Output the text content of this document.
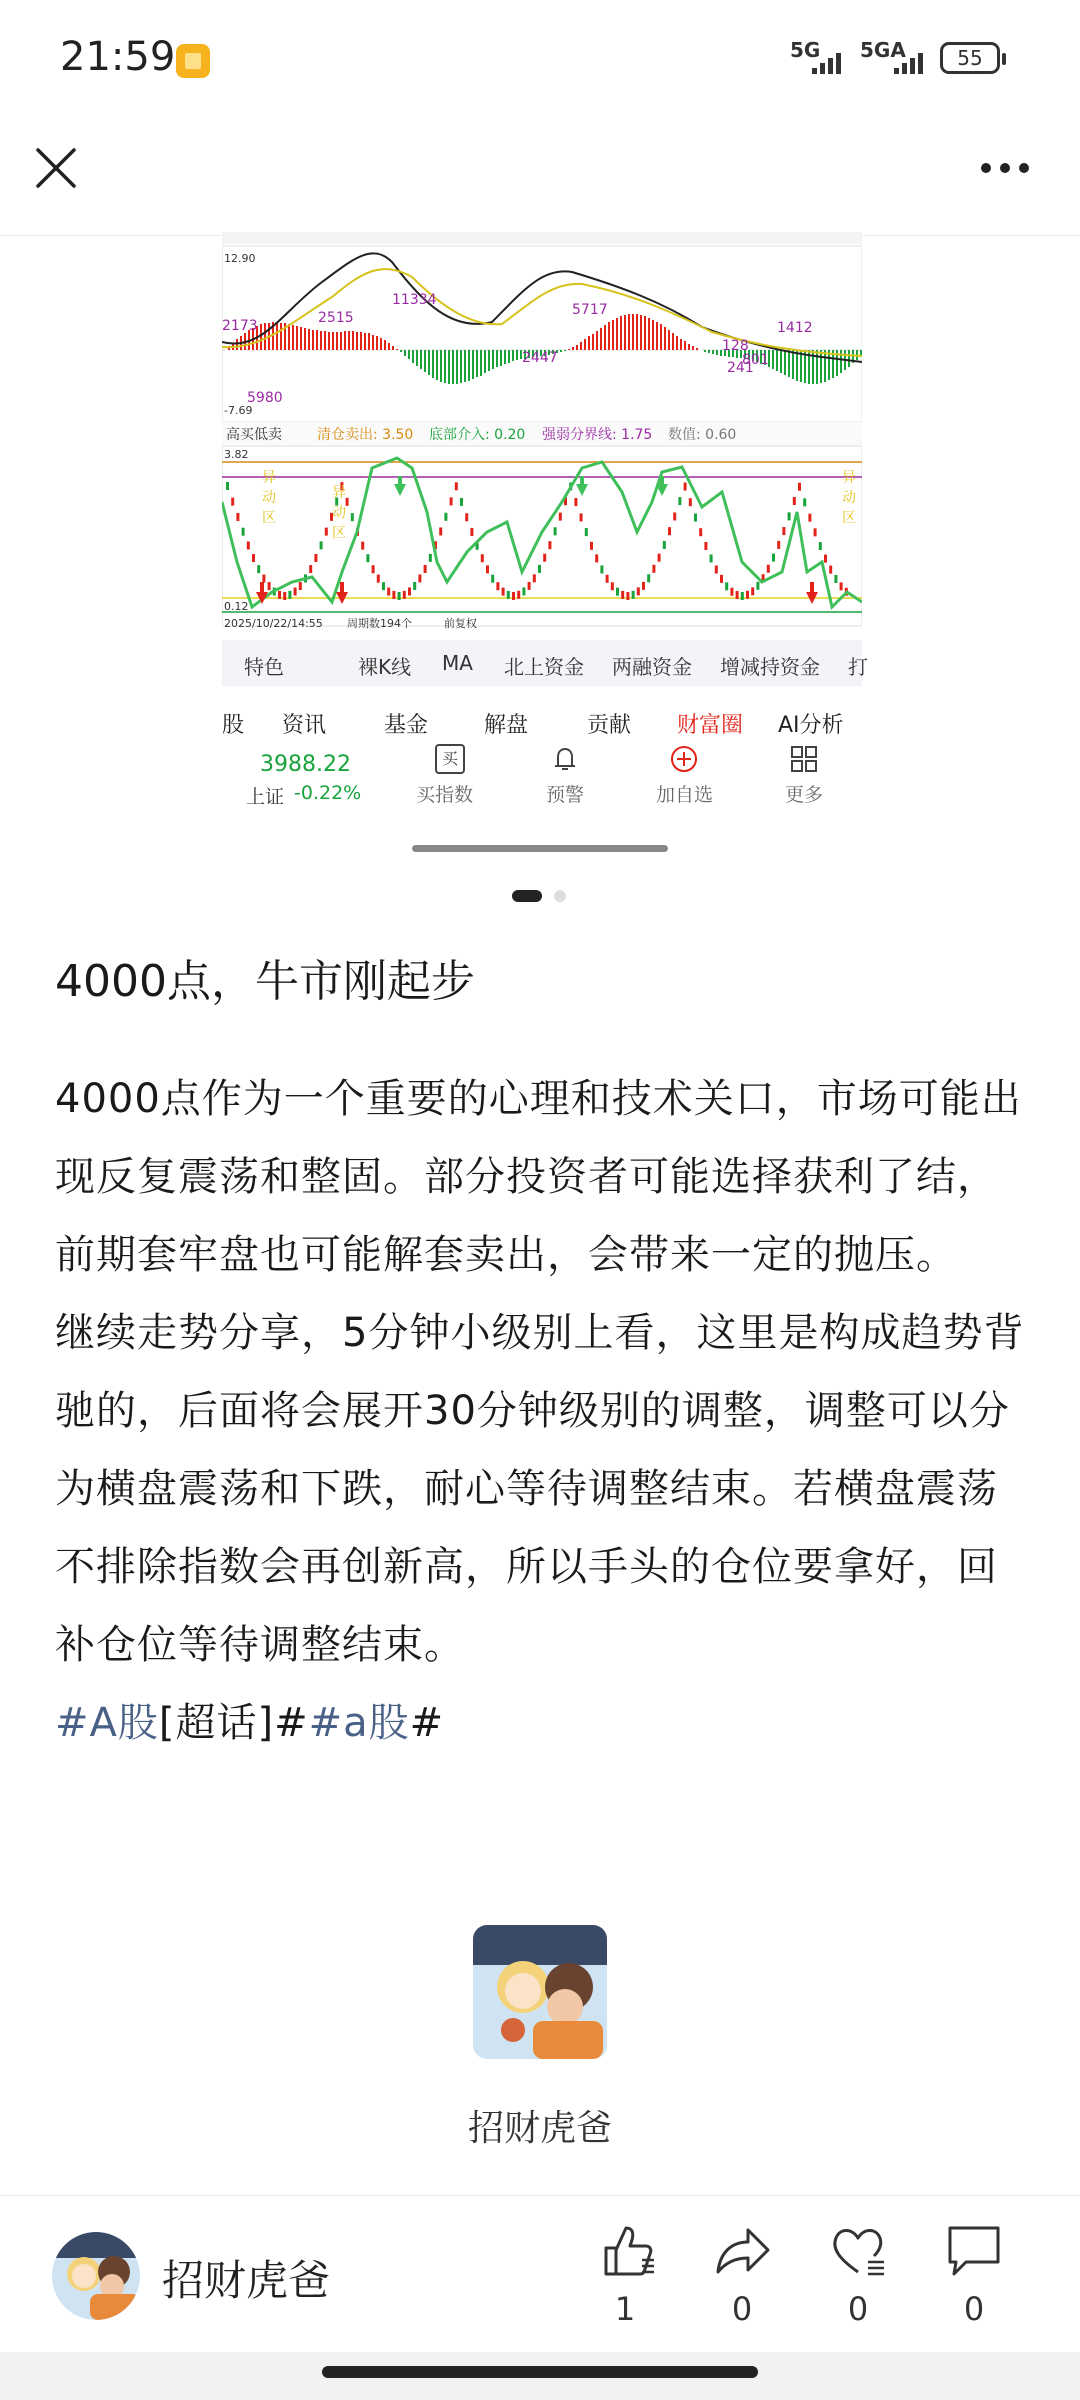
21:59	5G 5GA	55
12.90
-7.69
2173	2515
11334
5717
1412
5980
2447
128
241
801
高买低卖	清仓卖出: 3.50 底部介入: 0.20 强弱分界线: 1.75 数值: 0.60
3.82
0.12
2025/10/22/14:55 周期数194个	前复权
异
动
区
异
动
区
异
动
区
特色	裸K线 MA 北上资金 两融资金 增减持资金 打
股 资讯	基金	解盘	贡献 财富圈 AI分析
3988.22
上证 -0.22%
买
买指数	预警	加自选	更多
4000点，牛市刚起步

4000点作为一个重要的心理和技术关口，市场可能出现反复震荡和整固。部分投资者可能选择获利了结，前期套牢盘也可能解套卖出，会带来一定的抛压。

继续走势分享，5分钟小级别上看，这里是构成趋势背驰的，后面将会展开30分钟级别的调整，调整可以分为横盘震荡和下跌，耐心等待调整结束。若横盘震荡不排除指数会再创新高，所以手头的仓位要拿好，回补仓位等待调整结束。

#A股[超话]##a股#

招财虎爸
招财虎爸
1	0	0	0
